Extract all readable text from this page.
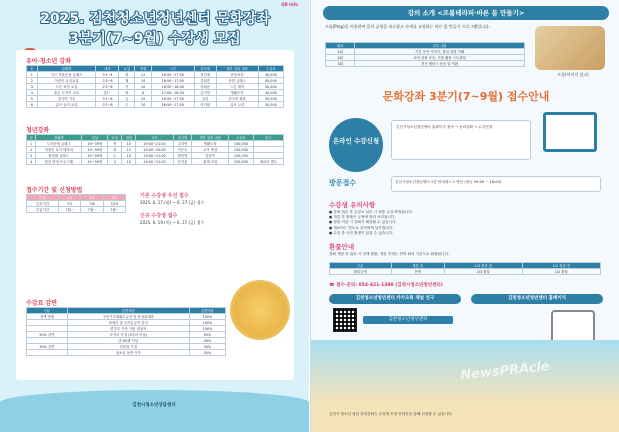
QR Info
2025. 김천청소년청년센터 문화강좌
3분기(7~9월) 수강생 모집
유아·청소년 강좌
순	강좌명	대상	요일	정원	시간	강사명	세부 강의 내용	수강료
1	키즈 자율운동 클래스	초1~4	화	12	16:50~17:50	정건재	운동코칭	30,000
2	어린이 요리교실	초3~6	월	10	16:50~17:50	김희진	쿠킹 클래스	45,000
3	드론 코딩 교실	초3~6	목	10	16:50~18:00	강태준	드론 제작	50,000
4	흙손 도자기 교실	중1~	화	8	17:00~18:30	김지연	생활도자	30,000
5	중국어 기초	초1~6	금	10	16:50~17:50	유린	중국어 회화	30,000
6	큐브 놀이 교실	초1~6	수	10	16:50~17:50	이지원	큐브 교실	30,000
청년강좌
순	강좌명	대상	요일	정원	시간	강사명	세부 강의 내용	수강료	비고
1	도자공예 클래스	19~39세	목	10	19:00~21:00	김지연	생활도자	150,000	
2	직장인 요가 테라피	19~39세	화	12	19:00~20:00	이은숙	요가 명상	150,000	
3	플라워 클래스	19~39세	수	10	19:00~21:00	장민영	꽃꽂이	150,000	
4	청년 연애 프로그램	19~39세	금	10	19:00~21:00	문지윤	관계 코칭	150,000	재료비 별도
접수기간 및 신청방법
구분	1차	2차	3차
등록기간	7/1	7/8	7/15
수업기간	7월~	7월~	7월~
기존 수강생 우선 접수
2025. 6. 17.(화) ~ 6. 27.(금) 접수
신규 수강생 접수
2025. 6. 19.(목) ~ 6. 27.(금) 접수
수강료 감면
구분	감면대상	감면비율
전액 면제	국민기초생활수급자 및 차상위계층	100%
	장애인 및 국가유공자 본인	100%
	한부모 가족 지원 대상자	100%
50% 감면	다자녀 가정 (3자녀 이상)	50%
	만 65세 이상	50%
30% 감면	다문화 가정	30%
	청소년 동반 가족	30%
김천시청소년상담센터
강의 소개 <프롭테라피·바른 몸 만들기>
프롭(Prop)을 이용하여 몸의 균형을 바로잡고 자세를 교정하는 바른 몸 만들기 프로그램입니다.
회차	강의 내용
1회	기본 동작 익히기, 몸의 정렬 이해
2회	코어 강화 운동, 프롭 활용 스트레칭
3회	전신 밸런스 운동 및 이완
프롭(이미지 참고)
문화강좌 3분기(7~9월) 접수안내
온라인 수강신청
김천시청소년청년센터 홈페이지 접속 → 문화강좌 → 수강신청
방문접수	김천시청소년청년센터 1층 안내데스크 방문 (평일 09:00 ~ 18:00)
수강생 유의사항
● 강좌 접수 후 수강료 납부 시 최종 수강 확정됩니다.
● 개강 후 환불은 규정에 따라 처리됩니다.
● 정원 미달 시 강좌가 폐강될 수 있습니다.
● 재료비는 별도로 강사에게 납부합니다.
● 수업 중 사진 촬영이 있을 수 있습니다.
환불안내
강좌 개강 전 취소 시 전액 환불, 개강 후에는 잔여 회차 기준으로 환불됩니다.
구분	개강 전	1/3 경과 전	1/2 경과 전
환불금액	전액	2/3 환불	1/2 환불
☎ 접수·문의: 054-421-1388 (김천시청소년청년센터)
김천청소년청년센터 카카오톡 채널 친구	김천청소년청년센터 홈페이지
김천청소년청년센터
김천시 청소년 청년 문화강좌는 수강생 모집 안내문을 통해 신청할 수 있습니다.
NewsPRAcle
